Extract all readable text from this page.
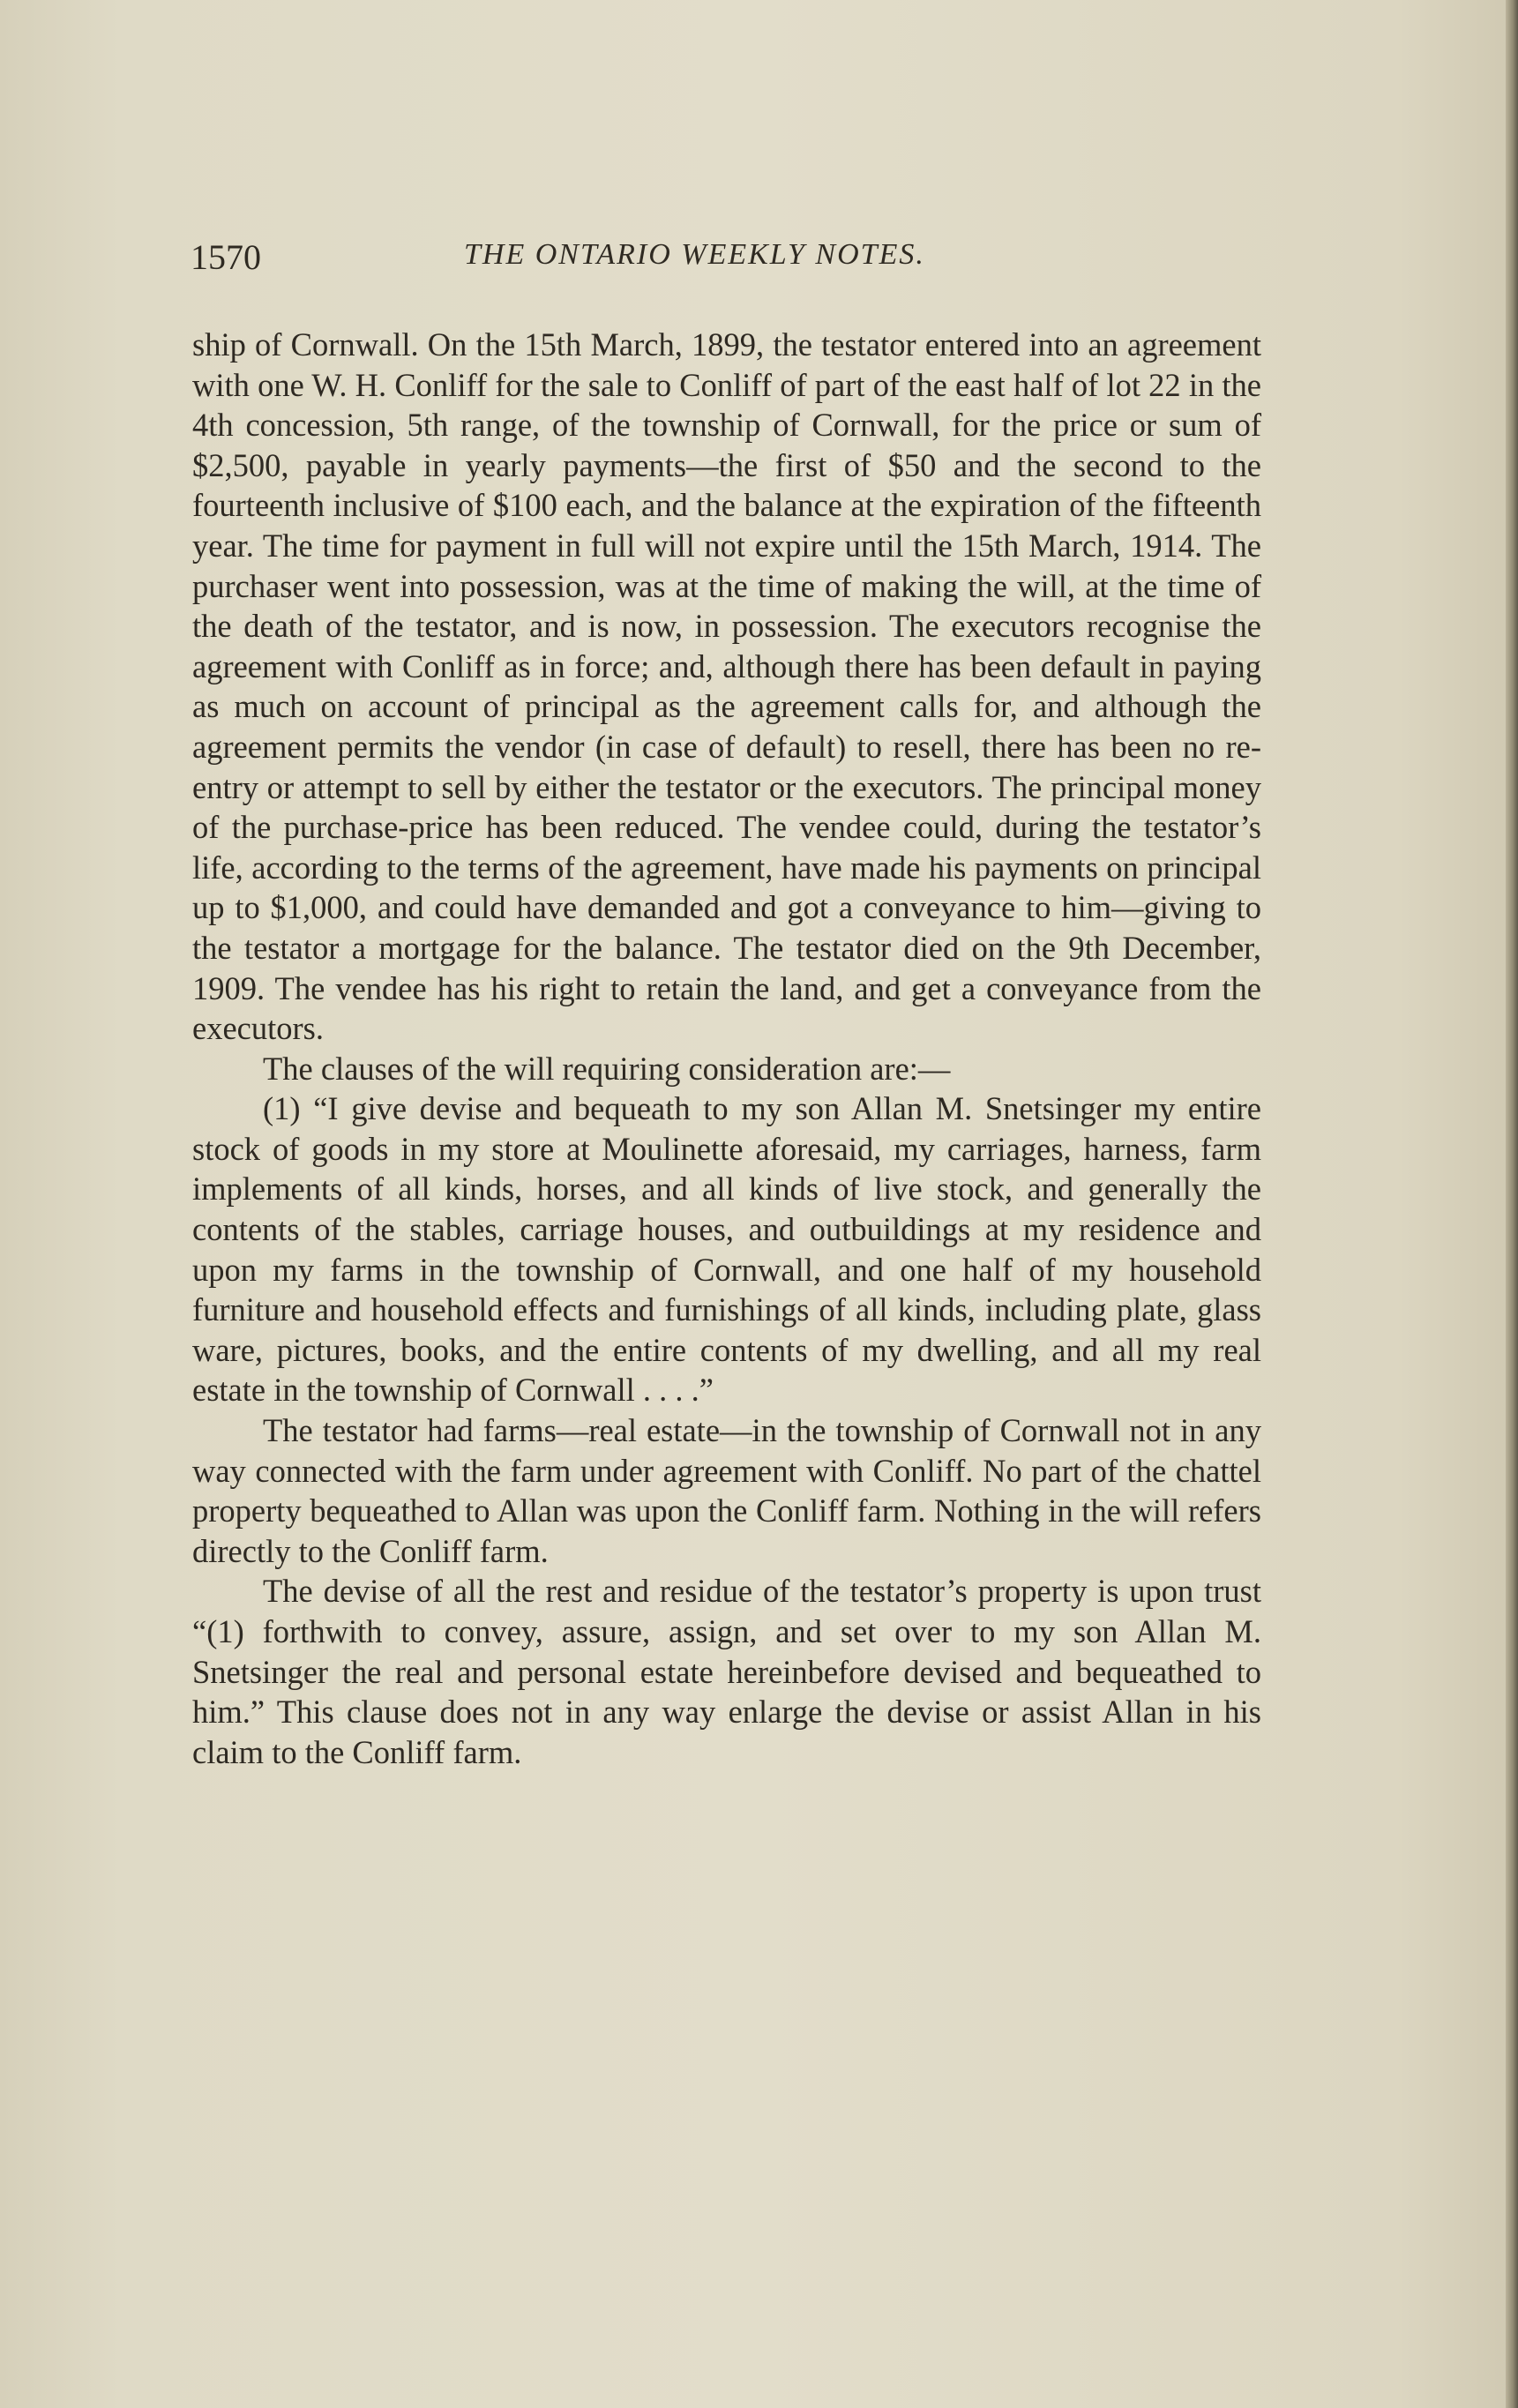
1570	THE ONTARIO WEEKLY NOTES.

ship of Cornwall. On the 15th March, 1899, the testator entered into an agreement with one W. H. Conliff for the sale to Conliff of part of the east half of lot 22 in the 4th concession, 5th range, of the township of Cornwall, for the price or sum of $2,500, payable in yearly payments—the first of $50 and the second to the fourteenth inclusive of $100 each, and the balance at the expiration of the fifteenth year. The time for payment in full will not expire until the 15th March, 1914. The purchaser went into possession, was at the time of making the will, at the time of the death of the testator, and is now, in possession. The executors recognise the agreement with Conliff as in force; and, although there has been default in paying as much on account of principal as the agreement calls for, and although the agreement permits the vendor (in case of default) to resell, there has been no re-entry or attempt to sell by either the testator or the executors. The principal money of the purchase-price has been reduced. The vendee could, during the testator’s life, according to the terms of the agreement, have made his payments on principal up to $1,000, and could have demanded and got a conveyance to him—giving to the testator a mortgage for the balance. The testator died on the 9th December, 1909. The vendee has his right to retain the land, and get a conveyance from the executors.

The clauses of the will requiring consideration are:—

(1) “I give devise and bequeath to my son Allan M. Snetsinger my entire stock of goods in my store at Moulinette aforesaid, my carriages, harness, farm implements of all kinds, horses, and all kinds of live stock, and generally the contents of the stables, carriage houses, and outbuildings at my residence and upon my farms in the township of Cornwall, and one half of my household furniture and household effects and furnishings of all kinds, including plate, glass ware, pictures, books, and the entire contents of my dwelling, and all my real estate in the township of Cornwall . . . .”

The testator had farms—real estate—in the township of Cornwall not in any way connected with the farm under agreement with Conliff. No part of the chattel property bequeathed to Allan was upon the Conliff farm. Nothing in the will refers directly to the Conliff farm.

The devise of all the rest and residue of the testator’s property is upon trust “(1) forthwith to convey, assure, assign, and set over to my son Allan M. Snetsinger the real and personal estate hereinbefore devised and bequeathed to him.” This clause does not in any way enlarge the devise or assist Allan in his claim to the Conliff farm.
